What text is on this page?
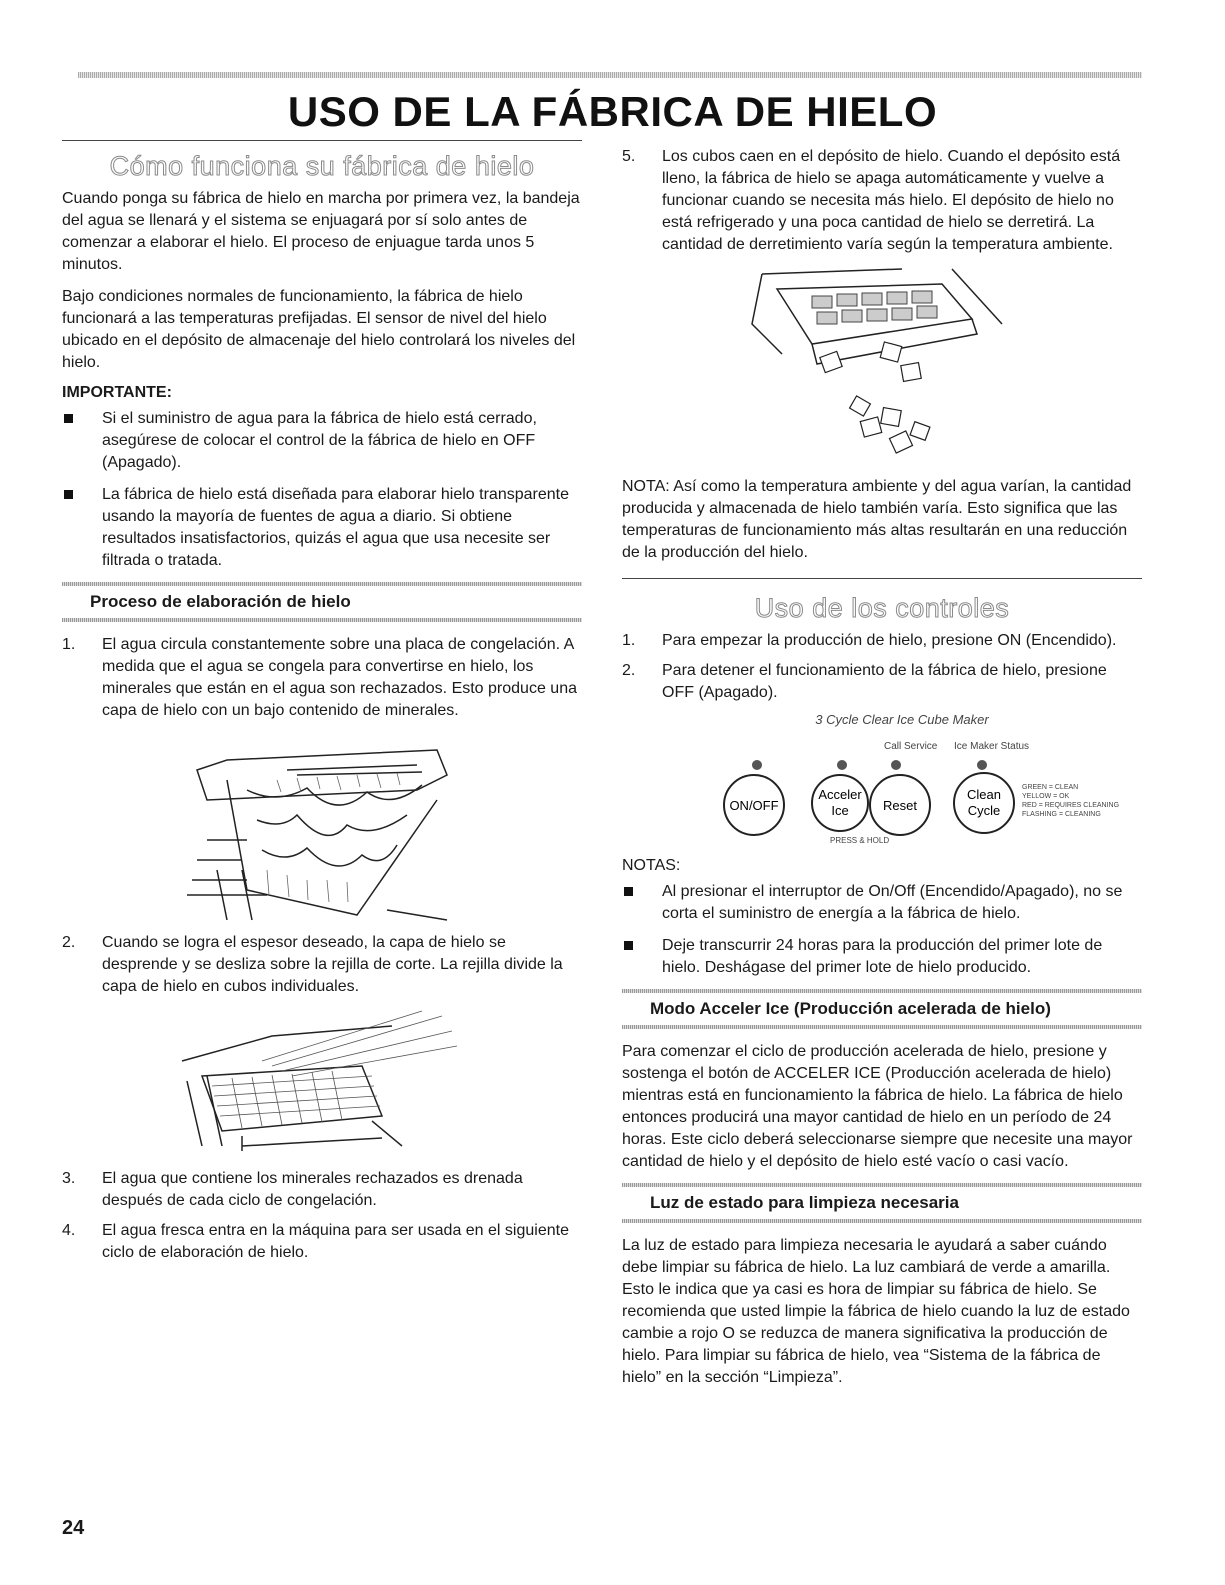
USO DE LA FÁBRICA DE HIELO
Cómo funciona su fábrica de hielo

Cuando ponga su fábrica de hielo en marcha por primera vez, la bandeja del agua se llenará y el sistema se enjuagará por sí solo antes de comenzar a elaborar el hielo. El proceso de enjuague tarda unos 5 minutos.

Bajo condiciones normales de funcionamiento, la fábrica de hielo funcionará a las temperaturas prefijadas. El sensor de nivel del hielo ubicado en el depósito de almacenaje del hielo controlará los niveles del hielo.

IMPORTANTE:
Si el suministro de agua para la fábrica de hielo está cerrado, asegúrese de colocar el control de la fábrica de hielo en OFF (Apagado).
La fábrica de hielo está diseñada para elaborar hielo transparente usando la mayoría de fuentes de agua a diario. Si obtiene resultados insatisfactorios, quizás el agua que usa necesite ser filtrada o tratada.
Proceso de elaboración de hielo
1. El agua circula constantemente sobre una placa de congelación. A medida que el agua se congela para convertirse en hielo, los minerales que están en el agua son rechazados. Esto produce una capa de hielo con un bajo contenido de minerales.
2. Cuando se logra el espesor deseado, la capa de hielo se desprende y se desliza sobre la rejilla de corte. La rejilla divide la capa de hielo en cubos individuales.
3. El agua que contiene los minerales rechazados es drenada después de cada ciclo de congelación.
4. El agua fresca entra en la máquina para ser usada en el siguiente ciclo de elaboración de hielo.
5. Los cubos caen en el depósito de hielo. Cuando el depósito está lleno, la fábrica de hielo se apaga automáticamente y vuelve a funcionar cuando se necesita más hielo. El depósito de hielo no está refrigerado y una poca cantidad de hielo se derretirá. La cantidad de derretimiento varía según la temperatura ambiente.

NOTA: Así como la temperatura ambiente y del agua varían, la cantidad producida y almacenada de hielo también varía. Esto significa que las temperaturas de funcionamiento más altas resultarán en una reducción de la producción del hielo.

Uso de los controles
1. Para empezar la producción de hielo, presione ON (Encendido).
2. Para detener el funcionamiento de la fábrica de hielo, presione OFF (Apagado).
3 Cycle Clear Ice Cube Maker
Call Service Ice Maker Status
ON/OFF
Acceler
Ice
PRESS & HOLD
Reset
Clean
Cycle
GREEN = CLEAN
YELLOW = OK
RED = REQUIRES CLEANING
FLASHING = CLEANING
NOTAS:
Al presionar el interruptor de On/Off (Encendido/Apagado), no se corta el suministro de energía a la fábrica de hielo.
Deje transcurrir 24 horas para la producción del primer lote de hielo. Deshágase del primer lote de hielo producido.
Modo Acceler Ice (Producción acelerada de hielo)

Para comenzar el ciclo de producción acelerada de hielo, presione y sostenga el botón de ACCELER ICE (Producción acelerada de hielo) mientras está en funcionamiento la fábrica de hielo. La fábrica de hielo entonces producirá una mayor cantidad de hielo en un período de 24 horas. Este ciclo deberá seleccionarse siempre que necesite una mayor cantidad de hielo y el depósito de hielo esté vacío o casi vacío.

Luz de estado para limpieza necesaria

La luz de estado para limpieza necesaria le ayudará a saber cuándo debe limpiar su fábrica de hielo. La luz cambiará de verde a amarilla. Esto le indica que ya casi es hora de limpiar su fábrica de hielo. Se recomienda que usted limpie la fábrica de hielo cuando la luz de estado cambie a rojo O se reduzca de manera significativa la producción de hielo. Para limpiar su fábrica de hielo, vea “Sistema de la fábrica de hielo” en la sección “Limpieza”.

24
